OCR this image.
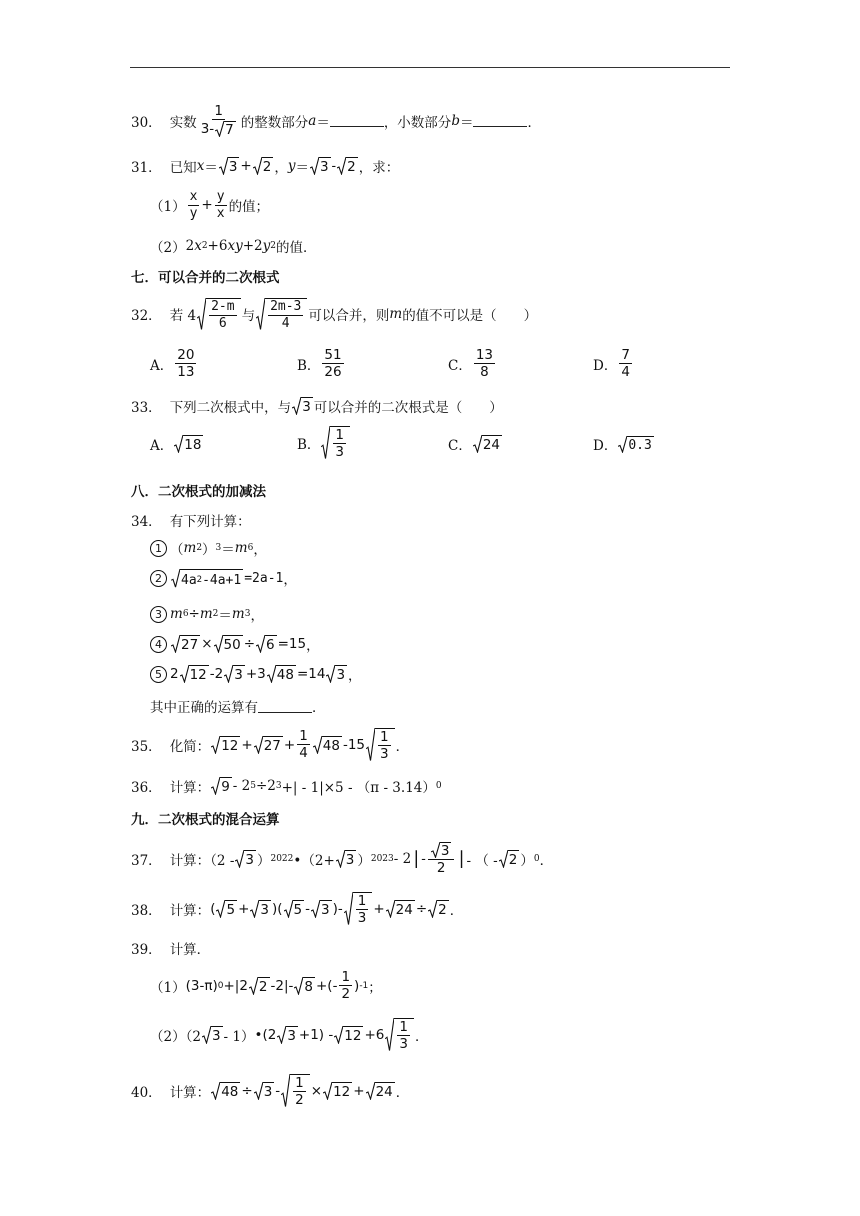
30． 实数 $\frac{1}{3- 7}$ 的整数部分 a ＝	，小数部分 b ＝	．
31． 已知 x ＝ 3 + 2 ， y ＝ 3 - 2 ，求：
$(1) \frac{x}{y} + \frac{y}{x}$ 的值；
（2） 2 x 2 +6 xy +2 y 2 的值．
七．可以合并的二次根式
32． 若 $4 \frac{2-m}{6}$ 与 $\frac{2m-3}{4}$ 可以合并，则 m 的值不可以是（　　）
A． $\frac{20}{13}$	B． $\frac{51}{26}$	C． $\frac{13}{8}$	D． $\frac{7}{4}$
33． 下列二次根式中，与 3 可以合并的二次根式是（　　）
A． 18	B． $\frac{1}{3}$	C． 24	D． 0.3
八．二次根式的加减法
34． 有下列计算：
1 （ m 2 ） 3 ＝ m 6 ，
2	4a 2 -4a+1 =2a-1 ，
3 m 6 ÷ m 2 ＝ m 3 ，
4	27 × 50 ÷ 6 =15 ，
5 2 12 -2 3 +3 48 =14 3 ，
其中正确的运算有	．
35． 化简： $12 + 27 + \frac{1}{4} 48$ $-15 \frac{1}{3}$ ．
36． 计算： 9 - 2 5 ÷2 3 +| - 1|×5 - （π - 3.14） 0
九．二次根式的混合运算
37． 计算：（2 - 3 ） 2022 •（2+ 3 ） 2023 - 2 | - $\frac{3}{2}$ | - （ - 2 ） 0 ．
38． 计算： ( 5 + 3 )( 5 - 3 )- $\frac{1}{3} + 24 \div 2$ ．
39． 计算．
（1） (3-π) 0 +|2 2 -2|- 8 +(- $\frac{1}{2}$ ) -1 ；
（2）（2 3 - 1） •(2 $3 +1) - 12 +6 \frac{1}{3}$ ．
40． 计算： $48 \div 3 - \frac{1}{2} \times 12 + 24$ ．
